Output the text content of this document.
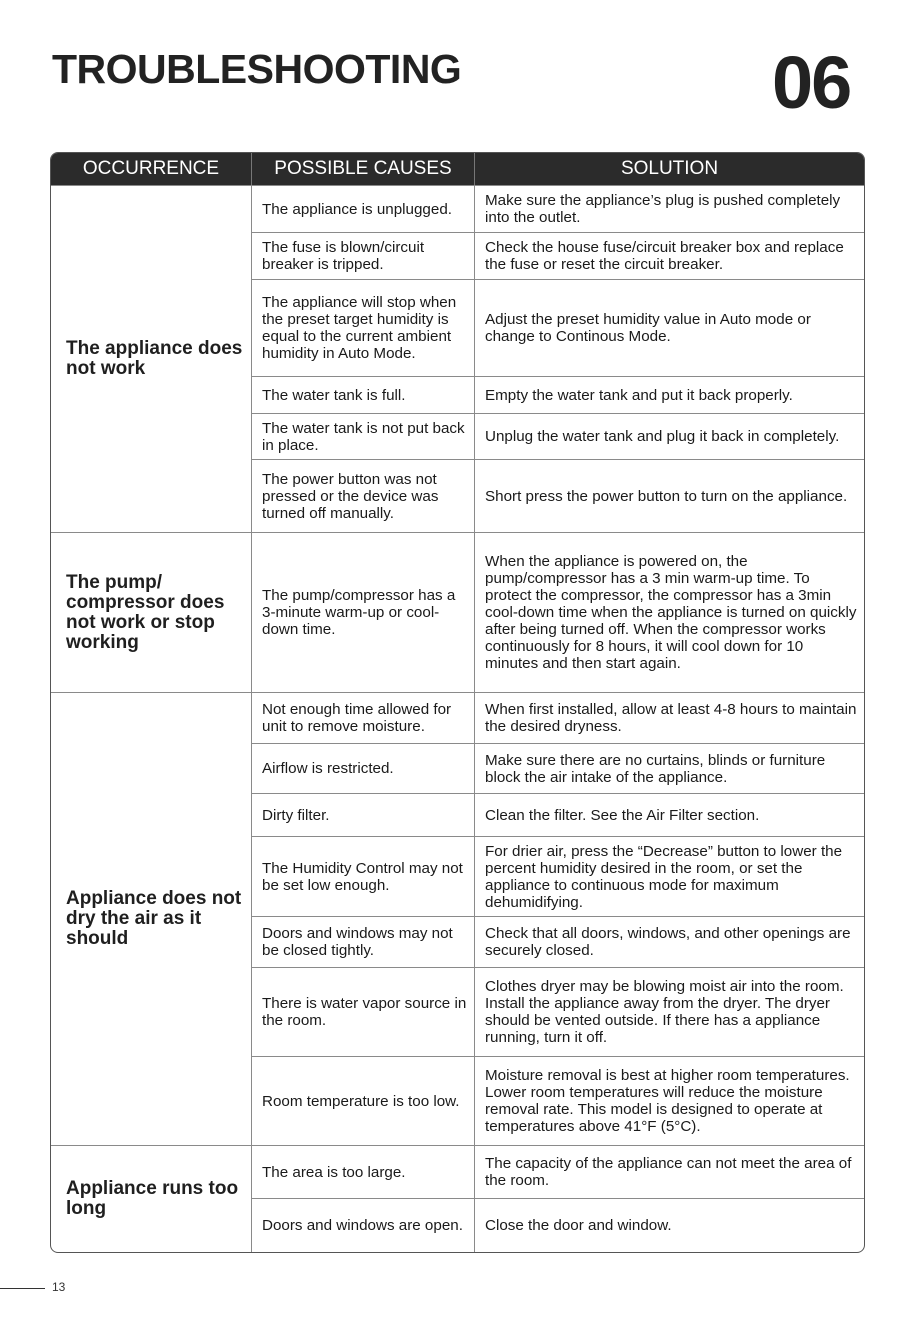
TROUBLESHOOTING	06
OCCURRENCE	POSSIBLE CAUSES	SOLUTION
The appliance does not work	The appliance is unplugged.	Make sure the appliance’s plug is pushed completely into the outlet.
	The fuse is blown/circuit breaker is tripped.	Check the house fuse/circuit breaker box and replace the fuse or reset the circuit breaker.
	The appliance will stop when the preset target humidity is equal to the current ambient humidity in Auto Mode.	Adjust the preset humidity value in Auto mode or change to Continous Mode.
	The water tank is full.	Empty the water tank and put it back properly.
	The water tank is not put back in place.	Unplug the water tank and plug it back in completely.
	The power button was not pressed or the device was turned off manually.	Short press the power button to turn on the appliance.
The pump/ compressor does not work or stop working	The pump/compressor has a 3-minute warm-up or cool-down time.	When the appliance is powered on, the pump/compressor has a 3 min warm-up time. To protect the compressor, the compressor has a 3min cool-down time when the appliance is turned on quickly after being turned off. When the compressor works continuously for 8 hours, it will cool down for 10 minutes and then start again.
Appliance does not dry the air as it should	Not enough time allowed for unit to remove moisture.	When first installed, allow at least 4-8 hours to maintain the desired dryness.
	Airflow is restricted.	Make sure there are no curtains, blinds or furniture block the air intake of the appliance.
	Dirty filter.	Clean the filter. See the Air Filter section.
	The Humidity Control may not be set low enough.	For drier air, press the “Decrease” button to lower the percent humidity desired in the room, or set the appliance to continuous mode for maximum dehumidifying.
	Doors and windows may not be closed tightly.	Check that all doors, windows, and other openings are securely closed.
	There is water vapor source in the room.	Clothes dryer may be blowing moist air into the room. Install the appliance away from the dryer. The dryer should be vented outside. If there has a appliance running, turn it off.
	Room temperature is too low.	Moisture removal is best at higher room temperatures. Lower room temperatures will reduce the moisture removal rate. This model is designed to operate at temperatures above 41°F (5°C).
Appliance runs too long	The area is too large.	The capacity of the appliance can not meet the area of the room.
	Doors and windows are open.	Close the door and window.
13
